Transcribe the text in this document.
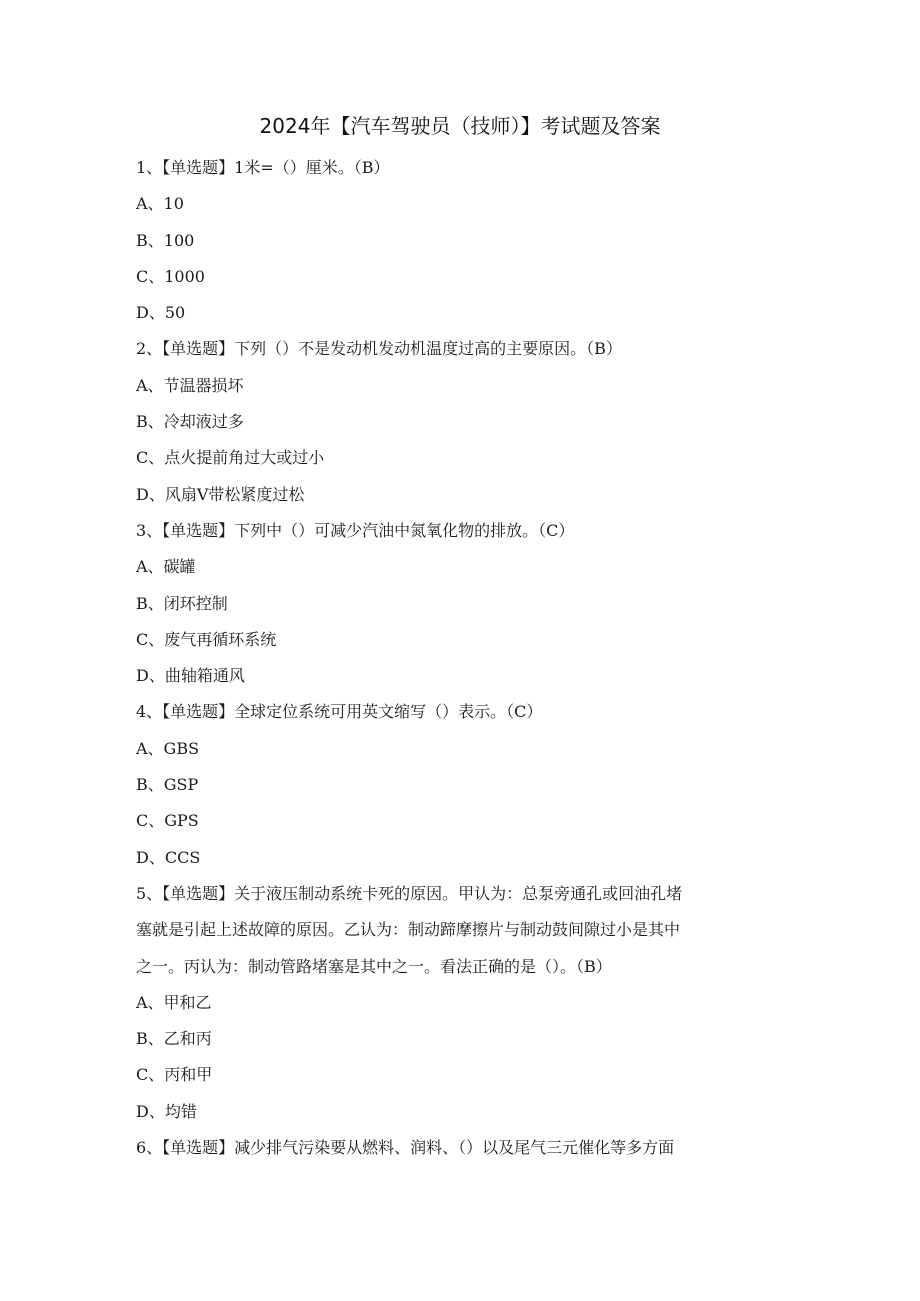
2024年【汽车驾驶员（技师）】考试题及答案

1、【单选题】1米=（）厘米。（B）

A、10

B、100

C、1000

D、50

2、【单选题】下列（）不是发动机发动机温度过高的主要原因。（B）

A、节温器损坏

B、冷却液过多

C、点火提前角过大或过小

D、风扇V带松紧度过松

3、【单选题】下列中（）可减少汽油中氮氧化物的排放。（C）

A、碳罐

B、闭环控制

C、废气再循环系统

D、曲轴箱通风

4、【单选题】全球定位系统可用英文缩写（）表示。（C）

A、GBS

B、GSP

C、GPS

D、CCS

5、【单选题】关于液压制动系统卡死的原因。甲认为：总泵旁通孔或回油孔堵

塞就是引起上述故障的原因。乙认为：制动蹄摩擦片与制动鼓间隙过小是其中

之一。丙认为：制动管路堵塞是其中之一。看法正确的是（）。（B）

A、甲和乙

B、乙和丙

C、丙和甲

D、均错

6、【单选题】减少排气污染要从燃料、润料、（）以及尾气三元催化等多方面
